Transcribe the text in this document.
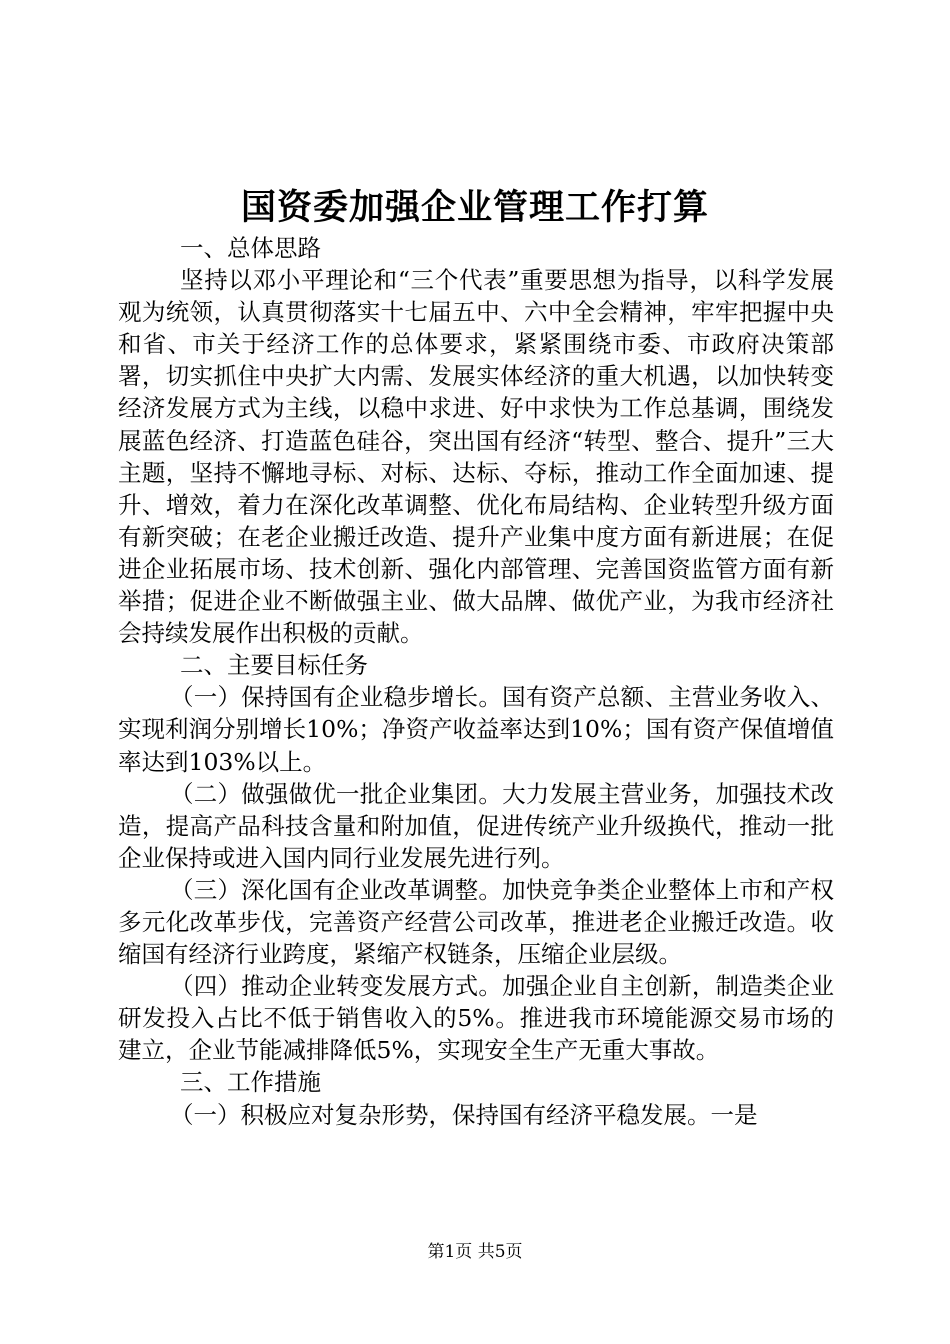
国资委加强企业管理工作打算

一、总体思路

坚持以邓小平理论和“三个代表”重要思想为指导，以科学发展观为统领，认真贯彻落实十七届五中、六中全会精神，牢牢把握中央和省、市关于经济工作的总体要求，紧紧围绕市委、市政府决策部署，切实抓住中央扩大内需、发展实体经济的重大机遇，以加快转变经济发展方式为主线，以稳中求进、好中求快为工作总基调，围绕发展蓝色经济、打造蓝色硅谷，突出国有经济“转型、整合、提升”三大主题，坚持不懈地寻标、对标、达标、夺标，推动工作全面加速、提升、增效，着力在深化改革调整、优化布局结构、企业转型升级方面有新突破；在老企业搬迁改造、提升产业集中度方面有新进展；在促进企业拓展市场、技术创新、强化内部管理、完善国资监管方面有新举措；促进企业不断做强主业、做大品牌、做优产业，为我市经济社会持续发展作出积极的贡献。

二、主要目标任务

（一）保持国有企业稳步增长。国有资产总额、主营业务收入、实现利润分别增长10%；净资产收益率达到10%；国有资产保值增值率达到103%以上。

（二）做强做优一批企业集团。大力发展主营业务，加强技术改造，提高产品科技含量和附加值，促进传统产业升级换代，推动一批企业保持或进入国内同行业发展先进行列。

（三）深化国有企业改革调整。加快竞争类企业整体上市和产权多元化改革步伐，完善资产经营公司改革，推进老企业搬迁改造。收缩国有经济行业跨度，紧缩产权链条，压缩企业层级。

（四）推动企业转变发展方式。加强企业自主创新，制造类企业研发投入占比不低于销售收入的5%。推进我市环境能源交易市场的建立，企业节能减排降低5%，实现安全生产无重大事故。

三、工作措施

（一）积极应对复杂形势，保持国有经济平稳发展。一是

第1页 共5页
